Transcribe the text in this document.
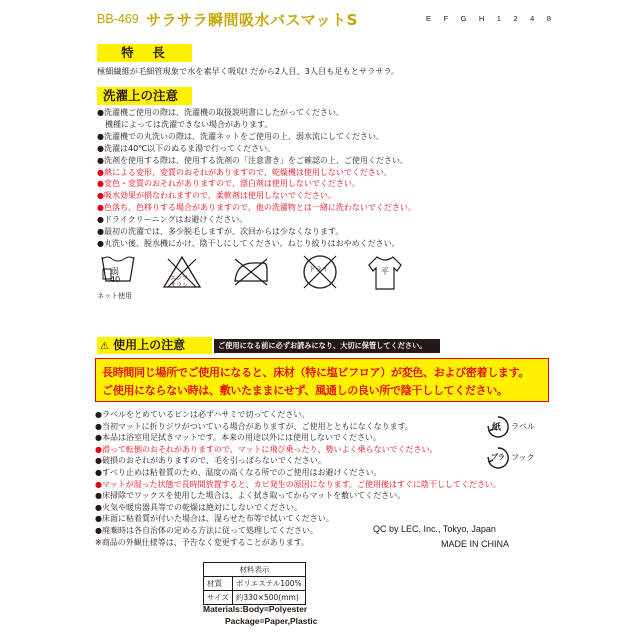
BB-469 サラサラ瞬間吸水バスマットS	E F G H 1 2 4 8
特　長
極細繊維が毛細管現象で水を素早く吸収! だから2人目、3人目も足もとサラサラ。
洗濯上の注意
●洗濯機ご使用の際は、洗濯機の取扱説明書にしたがってください。
　機種によっては洗濯できない場合があります。
●洗濯機での丸洗いの際は、洗濯ネットをご使用の上、弱水流にしてください。
●洗濯は40℃以下のぬるま湯で行ってください。
●洗剤を使用する際は、使用する洗剤の「注意書き」をご確認の上、ご使用ください。
●熱による変形、変質のおそれがありますので、乾燥機は使用しないでください。
●変色・変質のおそれがありますので、漂白剤は使用しないでください。
●吸水効果が損なわれますので、柔軟剤は使用しないでください。
●色落ち、色移りする場合がありますので、他の洗濯物とは一緒に洗わないでください。
●ドライクリーニングはお避けください。
●最初の洗濯では、多少脱毛しますが、次回からは少なくなります。
●丸洗い後、脱水機にかけ、陰干しにしてください。ねじり絞りはおやめください。
弱
40
ネット使用
エンソ サラシ
ドライ	平
⚠ 使用上の注意	ご使用になる前に必ずお読みになり、大切に保管してください。
長時間同じ場所でご使用になると、床材（特に塩ビフロア）が変色、および密着します。
ご使用にならない時は、敷いたままにせず、風通しの良い所で陰干ししてください。
●ラベルをとめているピンは必ずハサミで切ってください。
●当初マットに折りジワがついている場合がありますが、ご使用とともになくなります。
●本品は浴室用足拭きマットです。本来の用途以外には使用しないでください。
●滑って転倒のおそれがありますので、マットに飛び乗ったり、勢いよく乗らないでください。
●破損のおそれがありますので、毛を引っぱらないでください。
●すべり止めは粘着質のため、温度の高くなる所でのご使用はお避けください。
●マットが湿った状態で長時間放置すると、カビ発生の原因になります。ご使用後はすぐに陰干ししてください。
●床掃除でワックスを使用した場合は、よく拭き取ってからマットを敷いてください。
●火気や暖房器具等での乾燥は絶対にしないでください。
●床面に粘着質が付いた場合は、湿らせた布等で拭いてください。
●廃棄時は各自治体の定める方法に従って処理してください。
※商品の外観仕様等は、予告なく変更することがあります。
紙 ラベル
プラ フック
QC by LEC, Inc., Tokyo, Japan
MADE IN CHINA
材料表示	
材質	ポリエステル100%
サイズ	約330×500(mm)
Materials:Body=Polyester
Package=Paper,Plastic
